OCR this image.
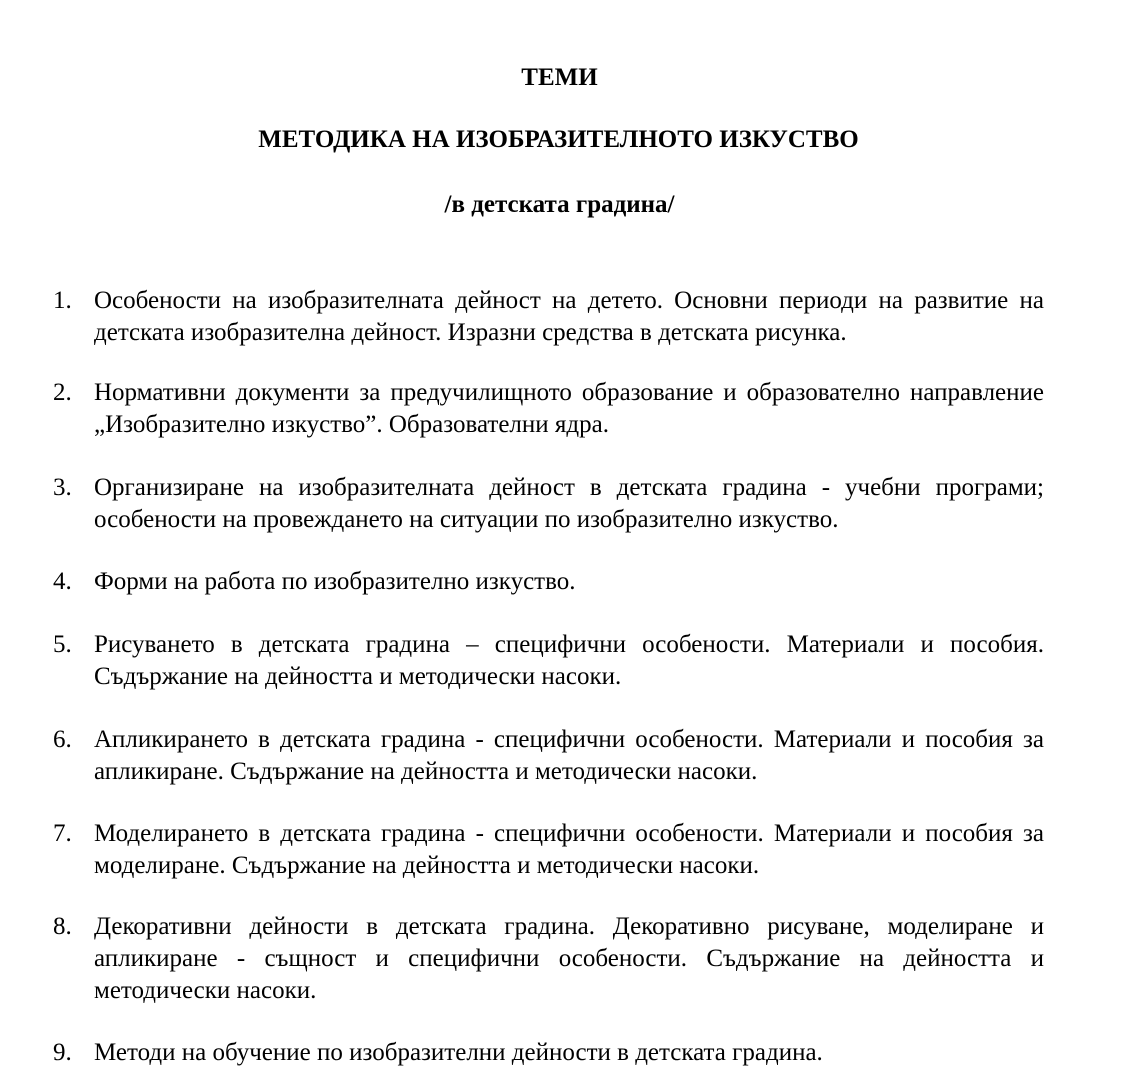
ТЕМИ
МЕТОДИКА НА ИЗОБРАЗИТЕЛНОТО ИЗКУСТВО
/в детската градина/
1. Особености на изобразителната дейност на детето. Основни периоди на развитие на детската изобразителна дейност. Изразни средства в детската рисунка.

2. Нормативни документи за предучилищното образование и образователно направление „Изобразително изкуство”. Образователни ядра.

3. Организиране на изобразителната дейност в детската градина - учебни програми; особености на провеждането на ситуации по изобразително изкуство.

4. Форми на работа по изобразително изкуство.

5. Рисуването в детската градина – специфични особености. Материали и пособия. Съдържание на дейността и методически насоки.

6. Апликирането в детската градина - специфични особености. Материали и пособия за апликиране. Съдържание на дейността и методически насоки.

7. Моделирането в детската градина - специфични особености. Материали и пособия за моделиране. Съдържание на дейността и методически насоки.

8. Декоративни дейности в детската градина. Декоративно рисуване, моделиране и апликиране - същност и специфични особености. Съдържание на дейността и методически насоки.

9. Методи на обучение по изобразителни дейности в детската градина.
